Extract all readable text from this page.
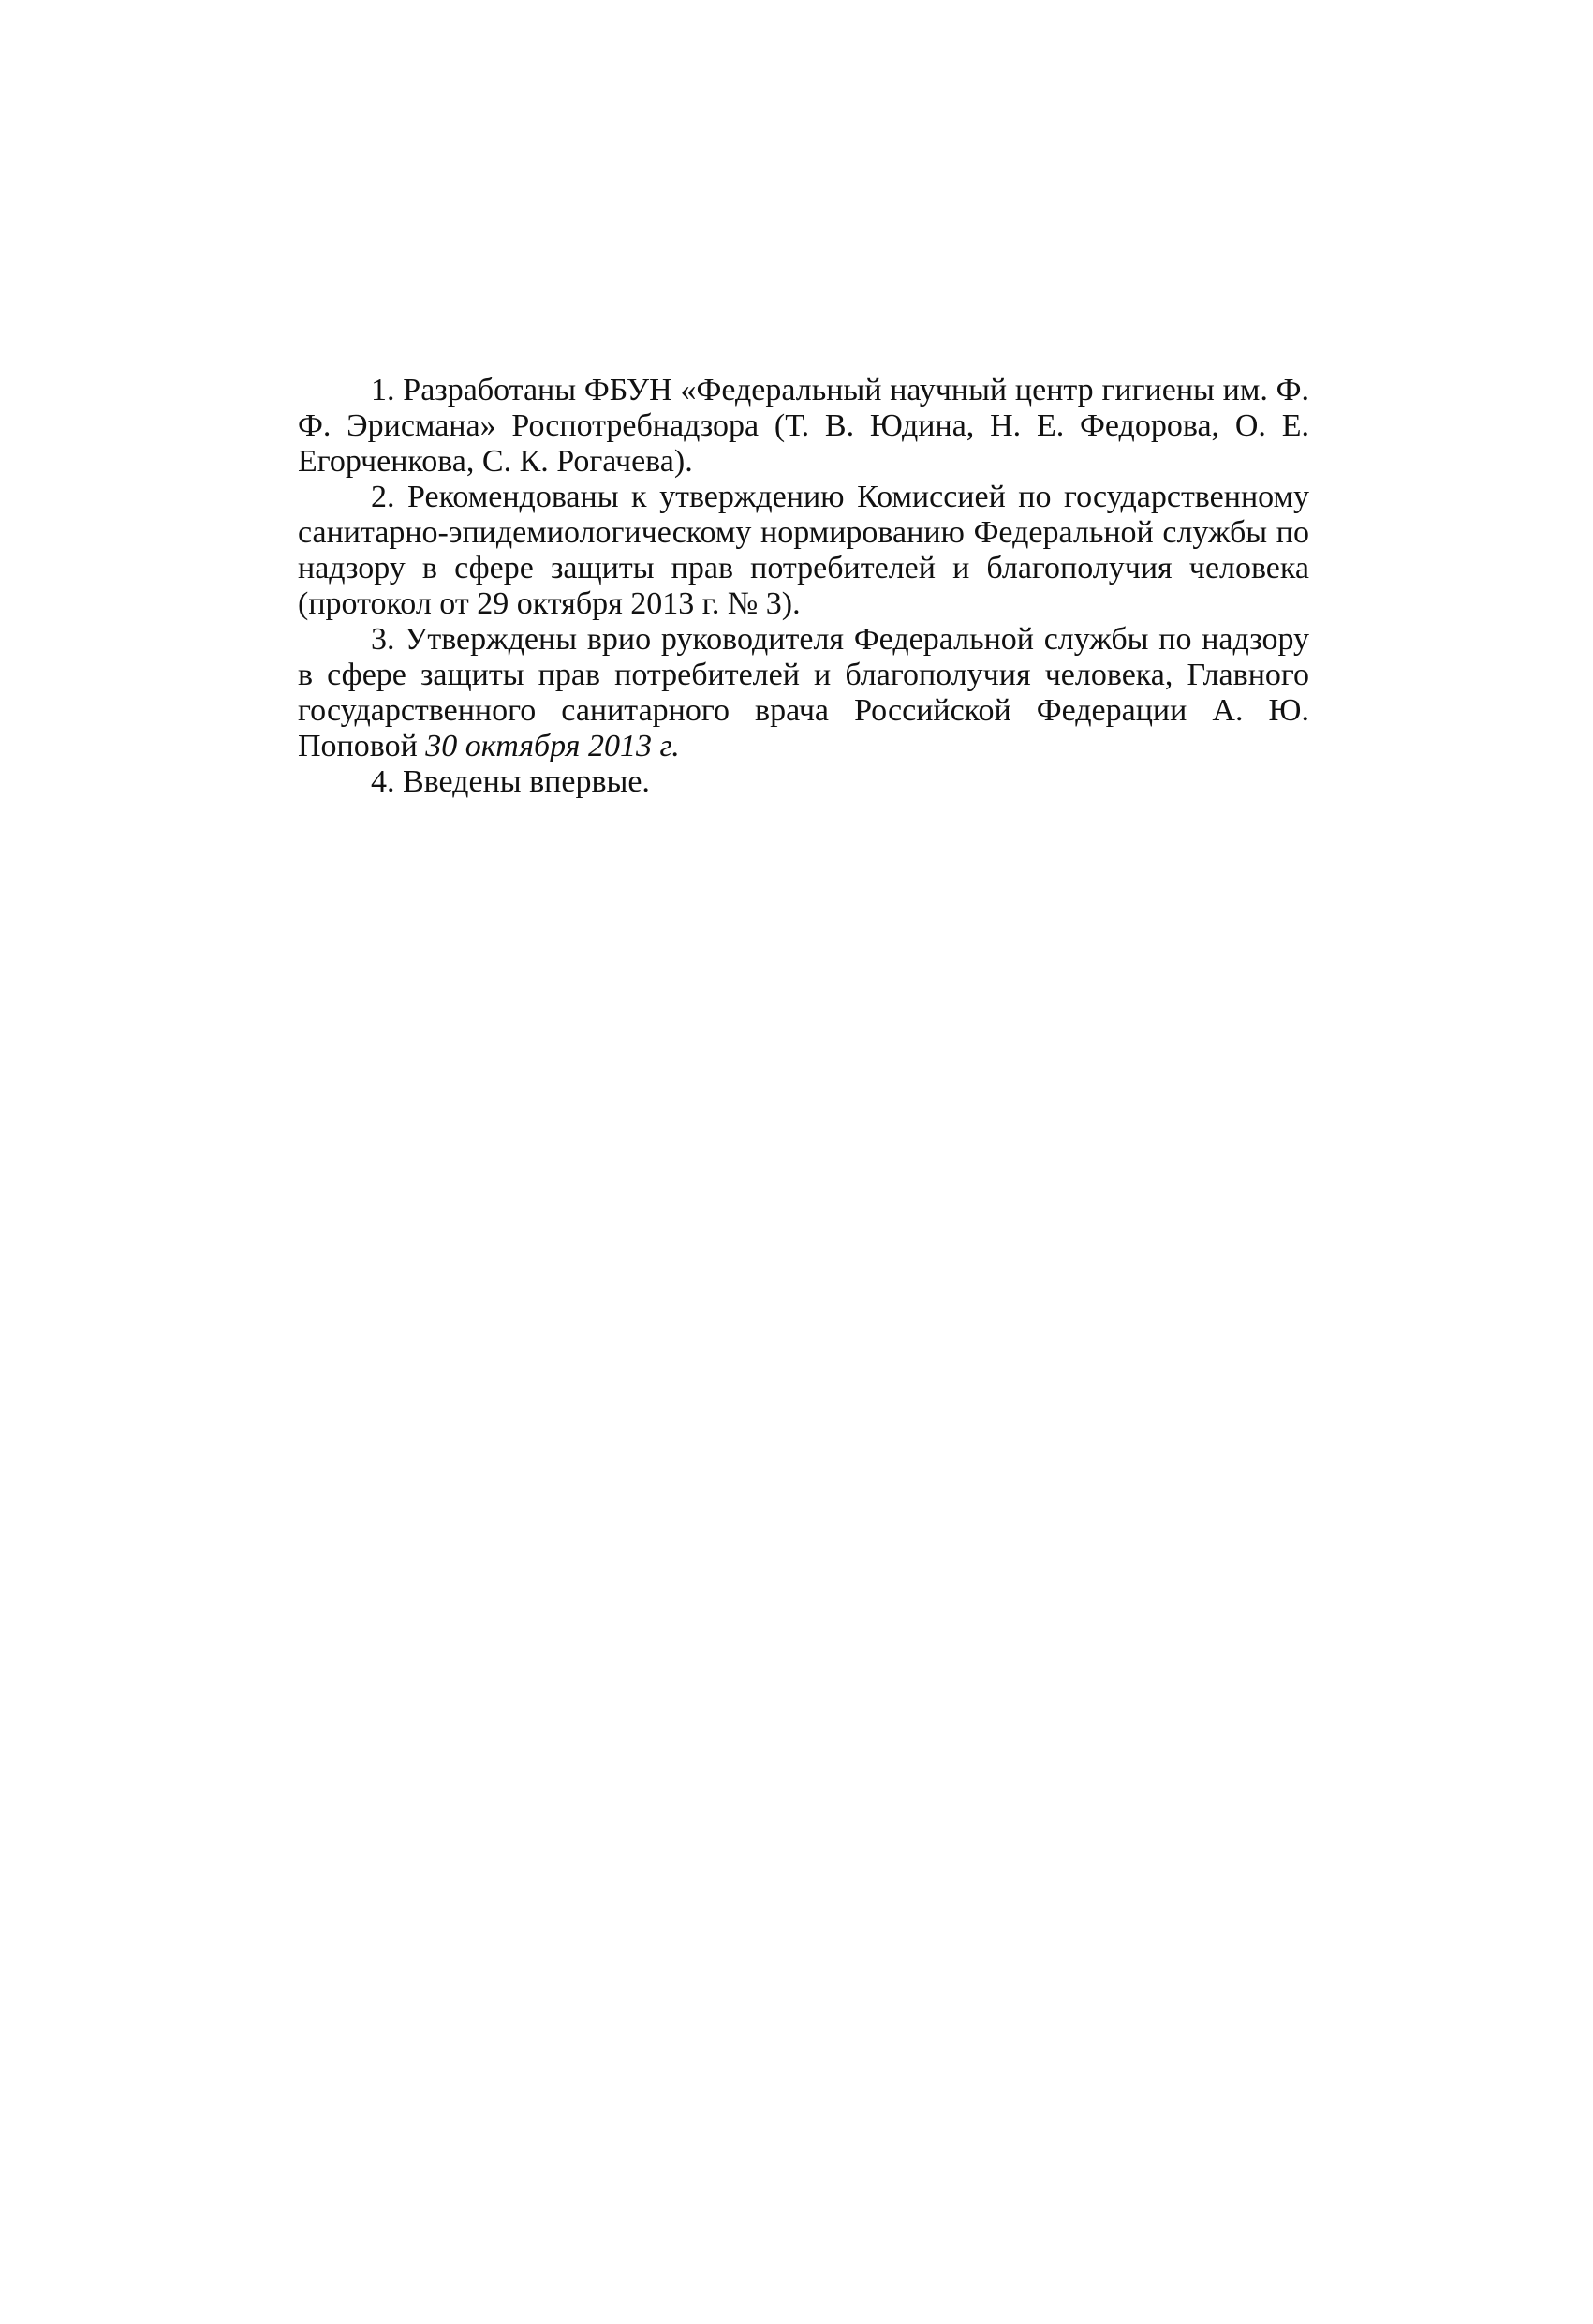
1. Разработаны ФБУН «Федеральный научный центр гигиены им. Ф. Ф. Эрисмана» Роспотребнадзора (Т. В. Юдина, Н. Е. Федорова, О. Е. Егорченкова, С. К. Рогачева).

2. Рекомендованы к утверждению Комиссией по государственному санитарно-эпидемиологическому нормированию Федеральной службы по надзору в сфере защиты прав потребителей и благополучия человека (протокол от 29 октября 2013 г. № 3).

3. Утверждены врио руководителя Федеральной службы по надзору в сфере защиты прав потребителей и благополучия человека, Главного государственного санитарного врача Российской Федерации А. Ю. Поповой 30 октября 2013 г.

4. Введены впервые.
